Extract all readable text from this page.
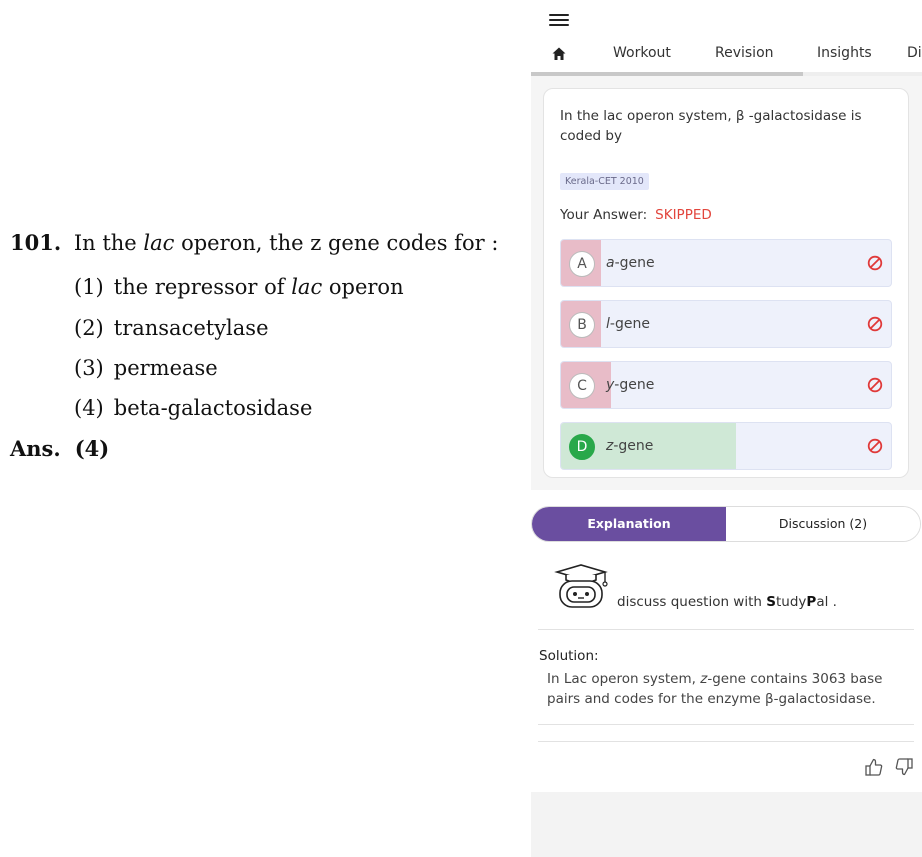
101. In the lac operon, the z gene codes for :
(1) the repressor of lac operon
(2) transacetylase
(3) permease
(4) beta-galactosidase
Ans. (4)
Workout	Revision	Insights	Di
In the lac operon system, β -galactosidase is coded by
Kerala-CET 2010
Your Answer: SKIPPED
A	a-gene
B	l-gene
C	y-gene
D	z-gene
Explanation	Discussion (2)
discuss question with StudyPal .
Solution:
In Lac operon system, z-gene contains 3063 base pairs and codes for the enzyme β-galactosidase.
